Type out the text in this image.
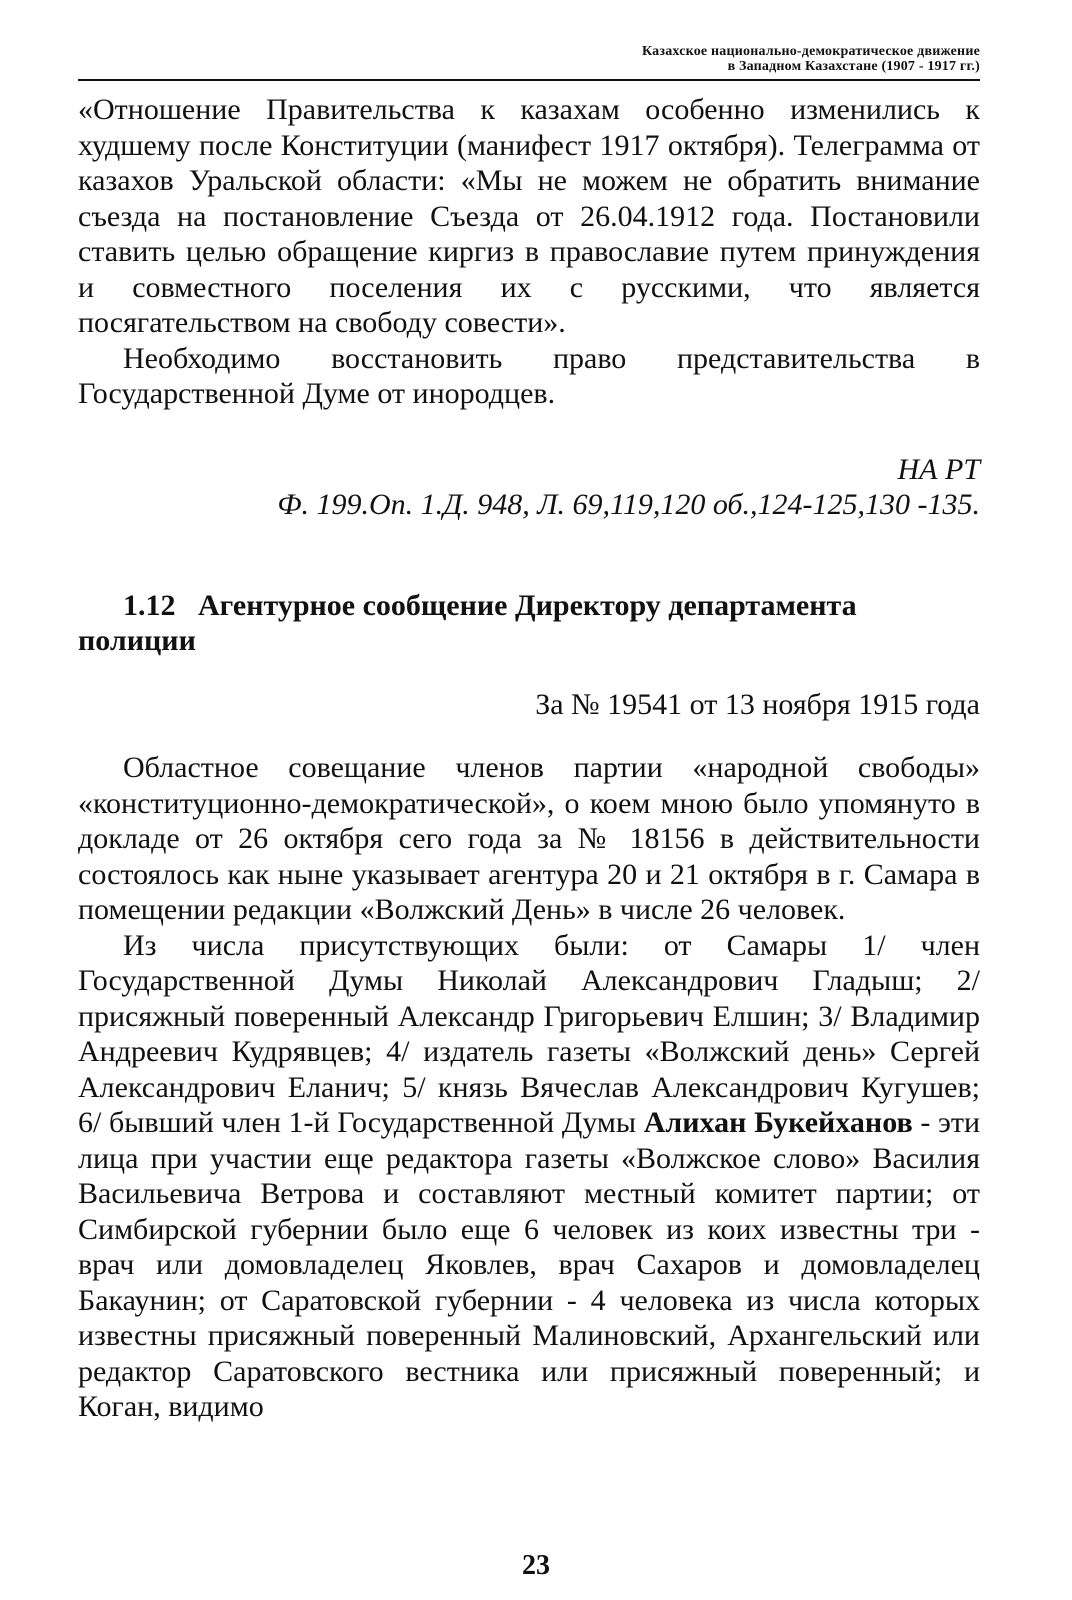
Казахское национально-демократическое движение
в Западном Казахстане (1907 - 1917 гг.)

«Отношение Правительства к казахам особенно изменились к худшему после Конституции (манифест 1917 октября). Телеграмма от казахов Уральской области: «Мы не можем не обратить внимание съезда на постановление Съезда от 26.04.1912 года. Постановили ставить целью обращение киргиз в православие путем принуждения и совместного поселения их с русскими, что является посягательством на свободу совести».

Необходимо восстановить право представительства в Государственной Думе от инородцев.

НА РТ
Ф. 199.Оп. 1.Д. 948, Л. 69,119,120 об.,124-125,130 -135.
1.12 Агентурное сообщение Директору департамента полиции
За № 19541 от 13 ноября 1915 года

Областное совещание членов партии «народной свободы» «конституционно-демократической», о коем мною было упомянуто в докладе от 26 октября сего года за № 18156 в действительности состоялось как ныне указывает агентура 20 и 21 октября в г. Самара в помещении редакции «Волжский День» в числе 26 человек.

Из числа присутствующих были: от Самары 1/ член Государственной Думы Николай Александрович Гладыш; 2/ присяжный поверенный Александр Григорьевич Елшин; 3/ Владимир Андреевич Кудрявцев; 4/ издатель газеты «Волжский день» Сергей Александрович Еланич; 5/ князь Вячеслав Александрович Кугушев; 6/ бывший член 1-й Государственной Думы Алихан Букейханов - эти лица при участии еще редактора газеты «Волжское слово» Василия Васильевича Ветрова и составляют местный комитет партии; от Симбирской губернии было еще 6 человек из коих известны три - врач или домовладелец Яковлев, врач Сахаров и домовладелец Бакаунин; от Саратовской губернии - 4 человека из числа которых известны присяжный поверенный Малиновский, Архангельский или редактор Саратовского вестника или присяжный поверенный; и Коган, видимо

23
